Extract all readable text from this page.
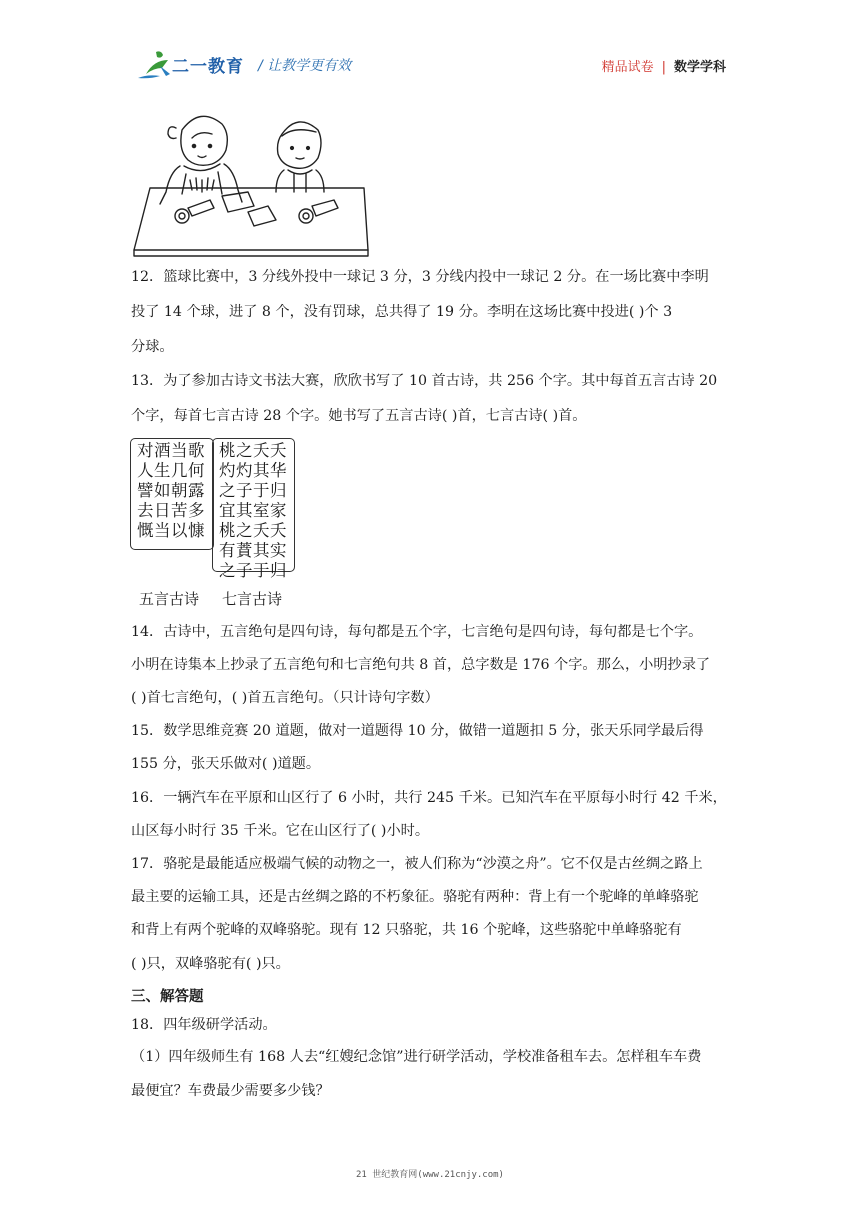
二一教育 / 让教学更有效	精品试卷 | 数学学科
12．篮球比赛中，3 分线外投中一球记 3 分，3 分线内投中一球记 2 分。在一场比赛中李明
投了 14 个球，进了 8 个，没有罚球，总共得了 19 分。李明在这场比赛中投进( )个 3
分球。
13．为了参加古诗文书法大赛，欣欣书写了 10 首古诗，共 256 个字。其中每首五言古诗 20
个字，每首七言古诗 28 个字。她书写了五言古诗( )首，七言古诗( )首。
对酒当歌
人生几何
譬如朝露
去日苦多
慨当以慷
桃之夭夭
灼灼其华
之子于归
宜其室家
桃之夭夭
有蕡其实
之子于归
五言古诗 七言古诗
14．古诗中，五言绝句是四句诗，每句都是五个字，七言绝句是四句诗，每句都是七个字。
小明在诗集本上抄录了五言绝句和七言绝句共 8 首，总字数是 176 个字。那么，小明抄录了
( )首七言绝句，( )首五言绝句。（只计诗句字数）
15．数学思维竞赛 20 道题，做对一道题得 10 分，做错一道题扣 5 分，张天乐同学最后得
155 分，张天乐做对( )道题。
16．一辆汽车在平原和山区行了 6 小时，共行 245 千米。已知汽车在平原每小时行 42 千米，
山区每小时行 35 千米。它在山区行了( )小时。
17．骆驼是最能适应极端气候的动物之一，被人们称为“沙漠之舟”。它不仅是古丝绸之路上
最主要的运输工具，还是古丝绸之路的不朽象征。骆驼有两种：背上有一个驼峰的单峰骆驼
和背上有两个驼峰的双峰骆驼。现有 12 只骆驼，共 16 个驼峰，这些骆驼中单峰骆驼有
( )只，双峰骆驼有( )只。
三、解答题
18．四年级研学活动。
（1）四年级师生有 168 人去“红嫂纪念馆”进行研学活动，学校准备租车去。怎样租车车费
最便宜？车费最少需要多少钱？
21 世纪教育网(www.21cnjy.com)
